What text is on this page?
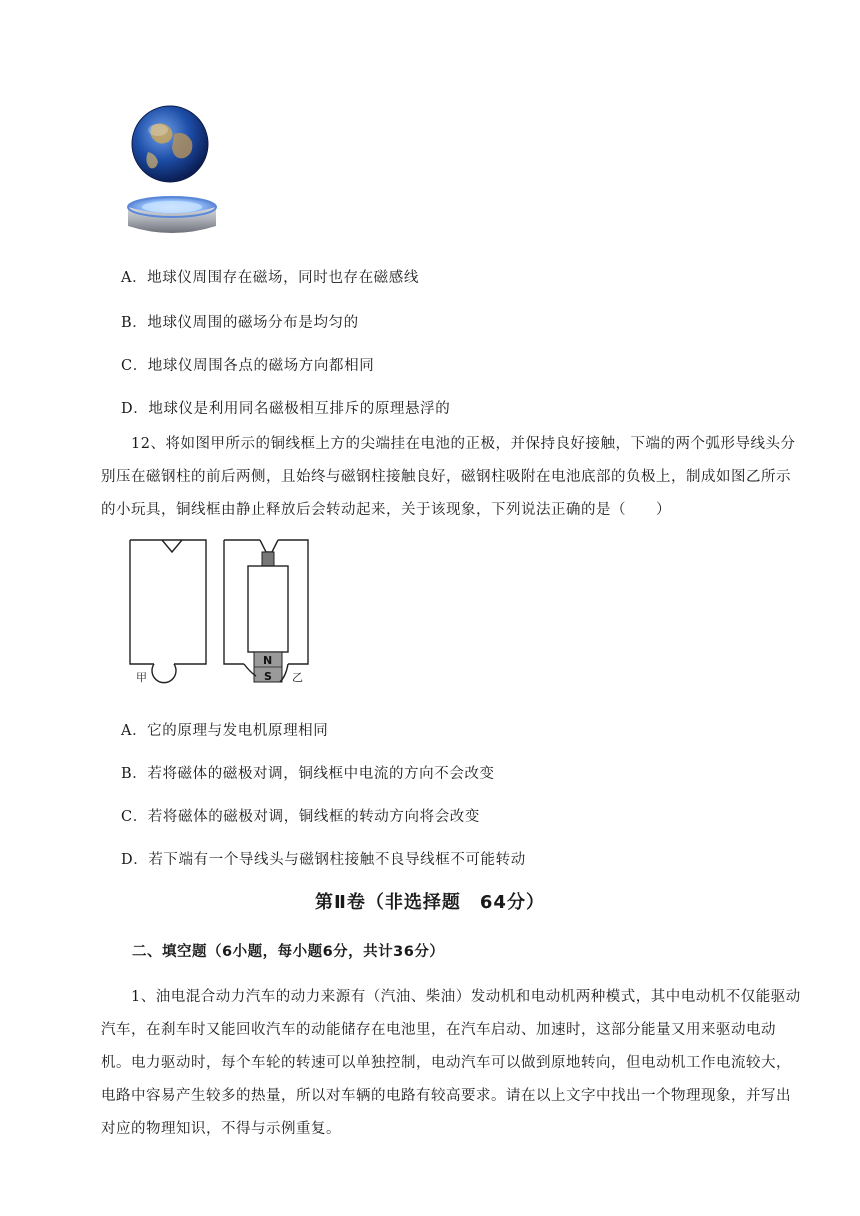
A．地球仪周围存在磁场，同时也存在磁感线
B．地球仪周围的磁场分布是均匀的
C．地球仪周围各点的磁场方向都相同
D．地球仪是利用同名磁极相互排斥的原理悬浮的
12、将如图甲所示的铜线框上方的尖端挂在电池的正极，并保持良好接触，下端的两个弧形导线头分别压在磁钢柱的前后两侧，且始终与磁钢柱接触良好，磁钢柱吸附在电池底部的负极上，制成如图乙所示的小玩具，铜线框由静止释放后会转动起来，关于该现象，下列说法正确的是（　　）
甲
N
S 乙
A．它的原理与发电机原理相同
B．若将磁体的磁极对调，铜线框中电流的方向不会改变
C．若将磁体的磁极对调，铜线框的转动方向将会改变
D．若下端有一个导线头与磁钢柱接触不良导线框不可能转动
第Ⅱ卷（非选择题　64分）
二、填空题（6小题，每小题6分，共计36分）
1、油电混合动力汽车的动力来源有（汽油、柴油）发动机和电动机两种模式，其中电动机不仅能驱动汽车，在刹车时又能回收汽车的动能储存在电池里，在汽车启动、加速时，这部分能量又用来驱动电动机。电力驱动时，每个车轮的转速可以单独控制，电动汽车可以做到原地转向，但电动机工作电流较大，电路中容易产生较多的热量，所以对车辆的电路有较高要求。请在以上文字中找出一个物理现象，并写出对应的物理知识，不得与示例重复。
